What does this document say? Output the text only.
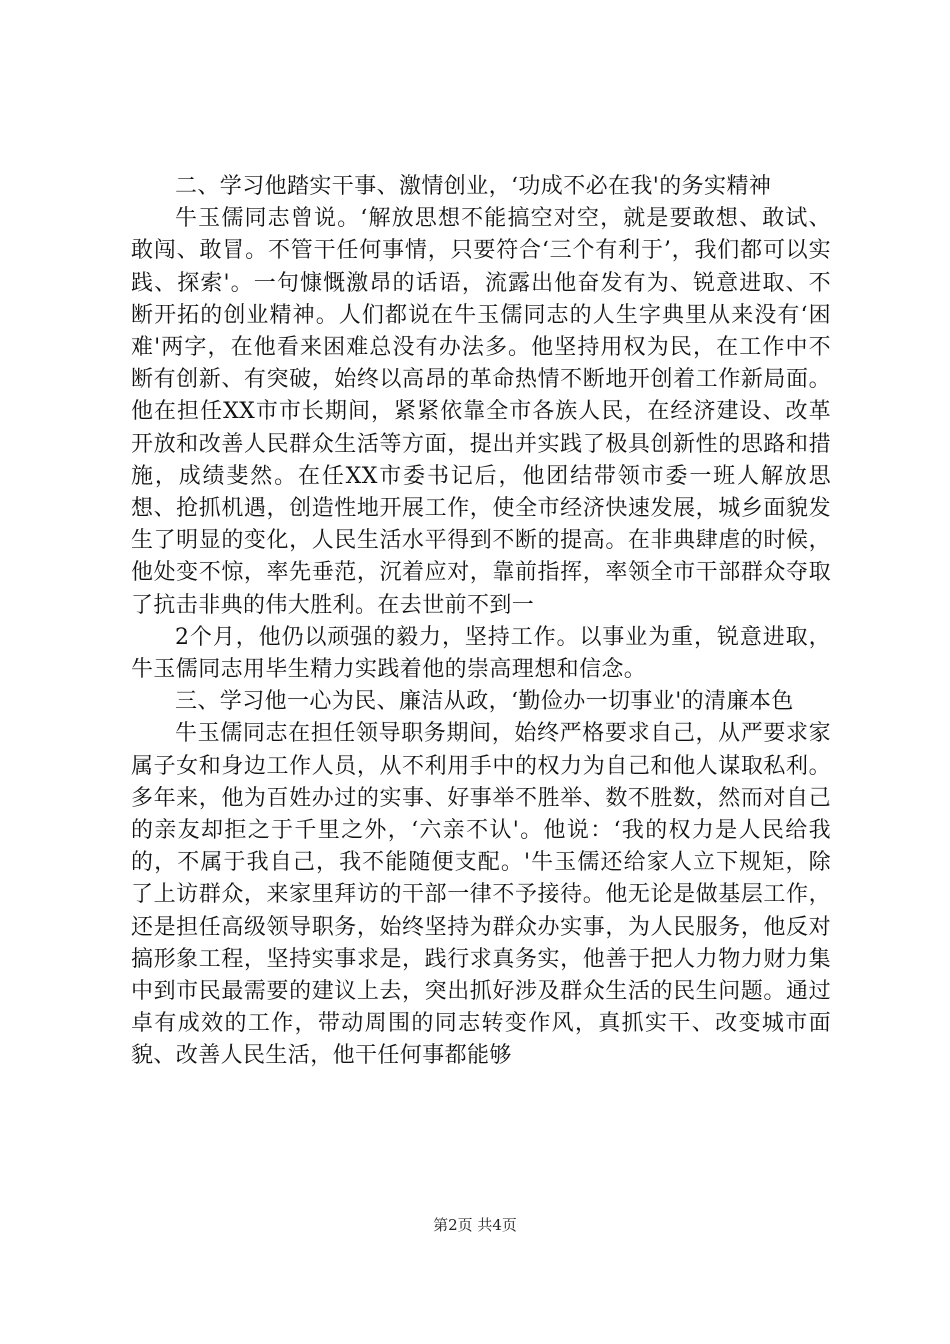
二、学习他踏实干事、激情创业，‘功成不必在我'的务实精神

牛玉儒同志曾说。‘解放思想不能搞空对空，就是要敢想、敢试、敢闯、敢冒。不管干任何事情，只要符合‘三个有利于’，我们都可以实践、探索'。一句慷慨激昂的话语，流露出他奋发有为、锐意进取、不断开拓的创业精神。人们都说在牛玉儒同志的人生字典里从来没有‘困难'两字，在他看来困难总没有办法多。他坚持用权为民，在工作中不断有创新、有突破，始终以高昂的革命热情不断地开创着工作新局面。他在担任XX市市长期间，紧紧依靠全市各族人民，在经济建设、改革开放和改善人民群众生活等方面，提出并实践了极具创新性的思路和措施，成绩斐然。在任XX市委书记后，他团结带领市委一班人解放思想、抢抓机遇，创造性地开展工作，使全市经济快速发展，城乡面貌发生了明显的变化，人民生活水平得到不断的提高。在非典肆虐的时候，他处变不惊，率先垂范，沉着应对，靠前指挥，率领全市干部群众夺取了抗击非典的伟大胜利。在去世前不到一

2个月，他仍以顽强的毅力，坚持工作。以事业为重，锐意进取，牛玉儒同志用毕生精力实践着他的崇高理想和信念。

三、学习他一心为民、廉洁从政，‘勤俭办一切事业'的清廉本色

牛玉儒同志在担任领导职务期间，始终严格要求自己，从严要求家属子女和身边工作人员，从不利用手中的权力为自己和他人谋取私利。多年来，他为百姓办过的实事、好事举不胜举、数不胜数，然而对自己的亲友却拒之于千里之外，‘六亲不认'。他说：‘我的权力是人民给我的，不属于我自己，我不能随便支配。'牛玉儒还给家人立下规矩，除了上访群众，来家里拜访的干部一律不予接待。他无论是做基层工作，还是担任高级领导职务，始终坚持为群众办实事，为人民服务，他反对搞形象工程，坚持实事求是，践行求真务实，他善于把人力物力财力集中到市民最需要的建议上去，突出抓好涉及群众生活的民生问题。通过卓有成效的工作，带动周围的同志转变作风，真抓实干、改变城市面貌、改善人民生活，他干任何事都能够

第2页 共4页
